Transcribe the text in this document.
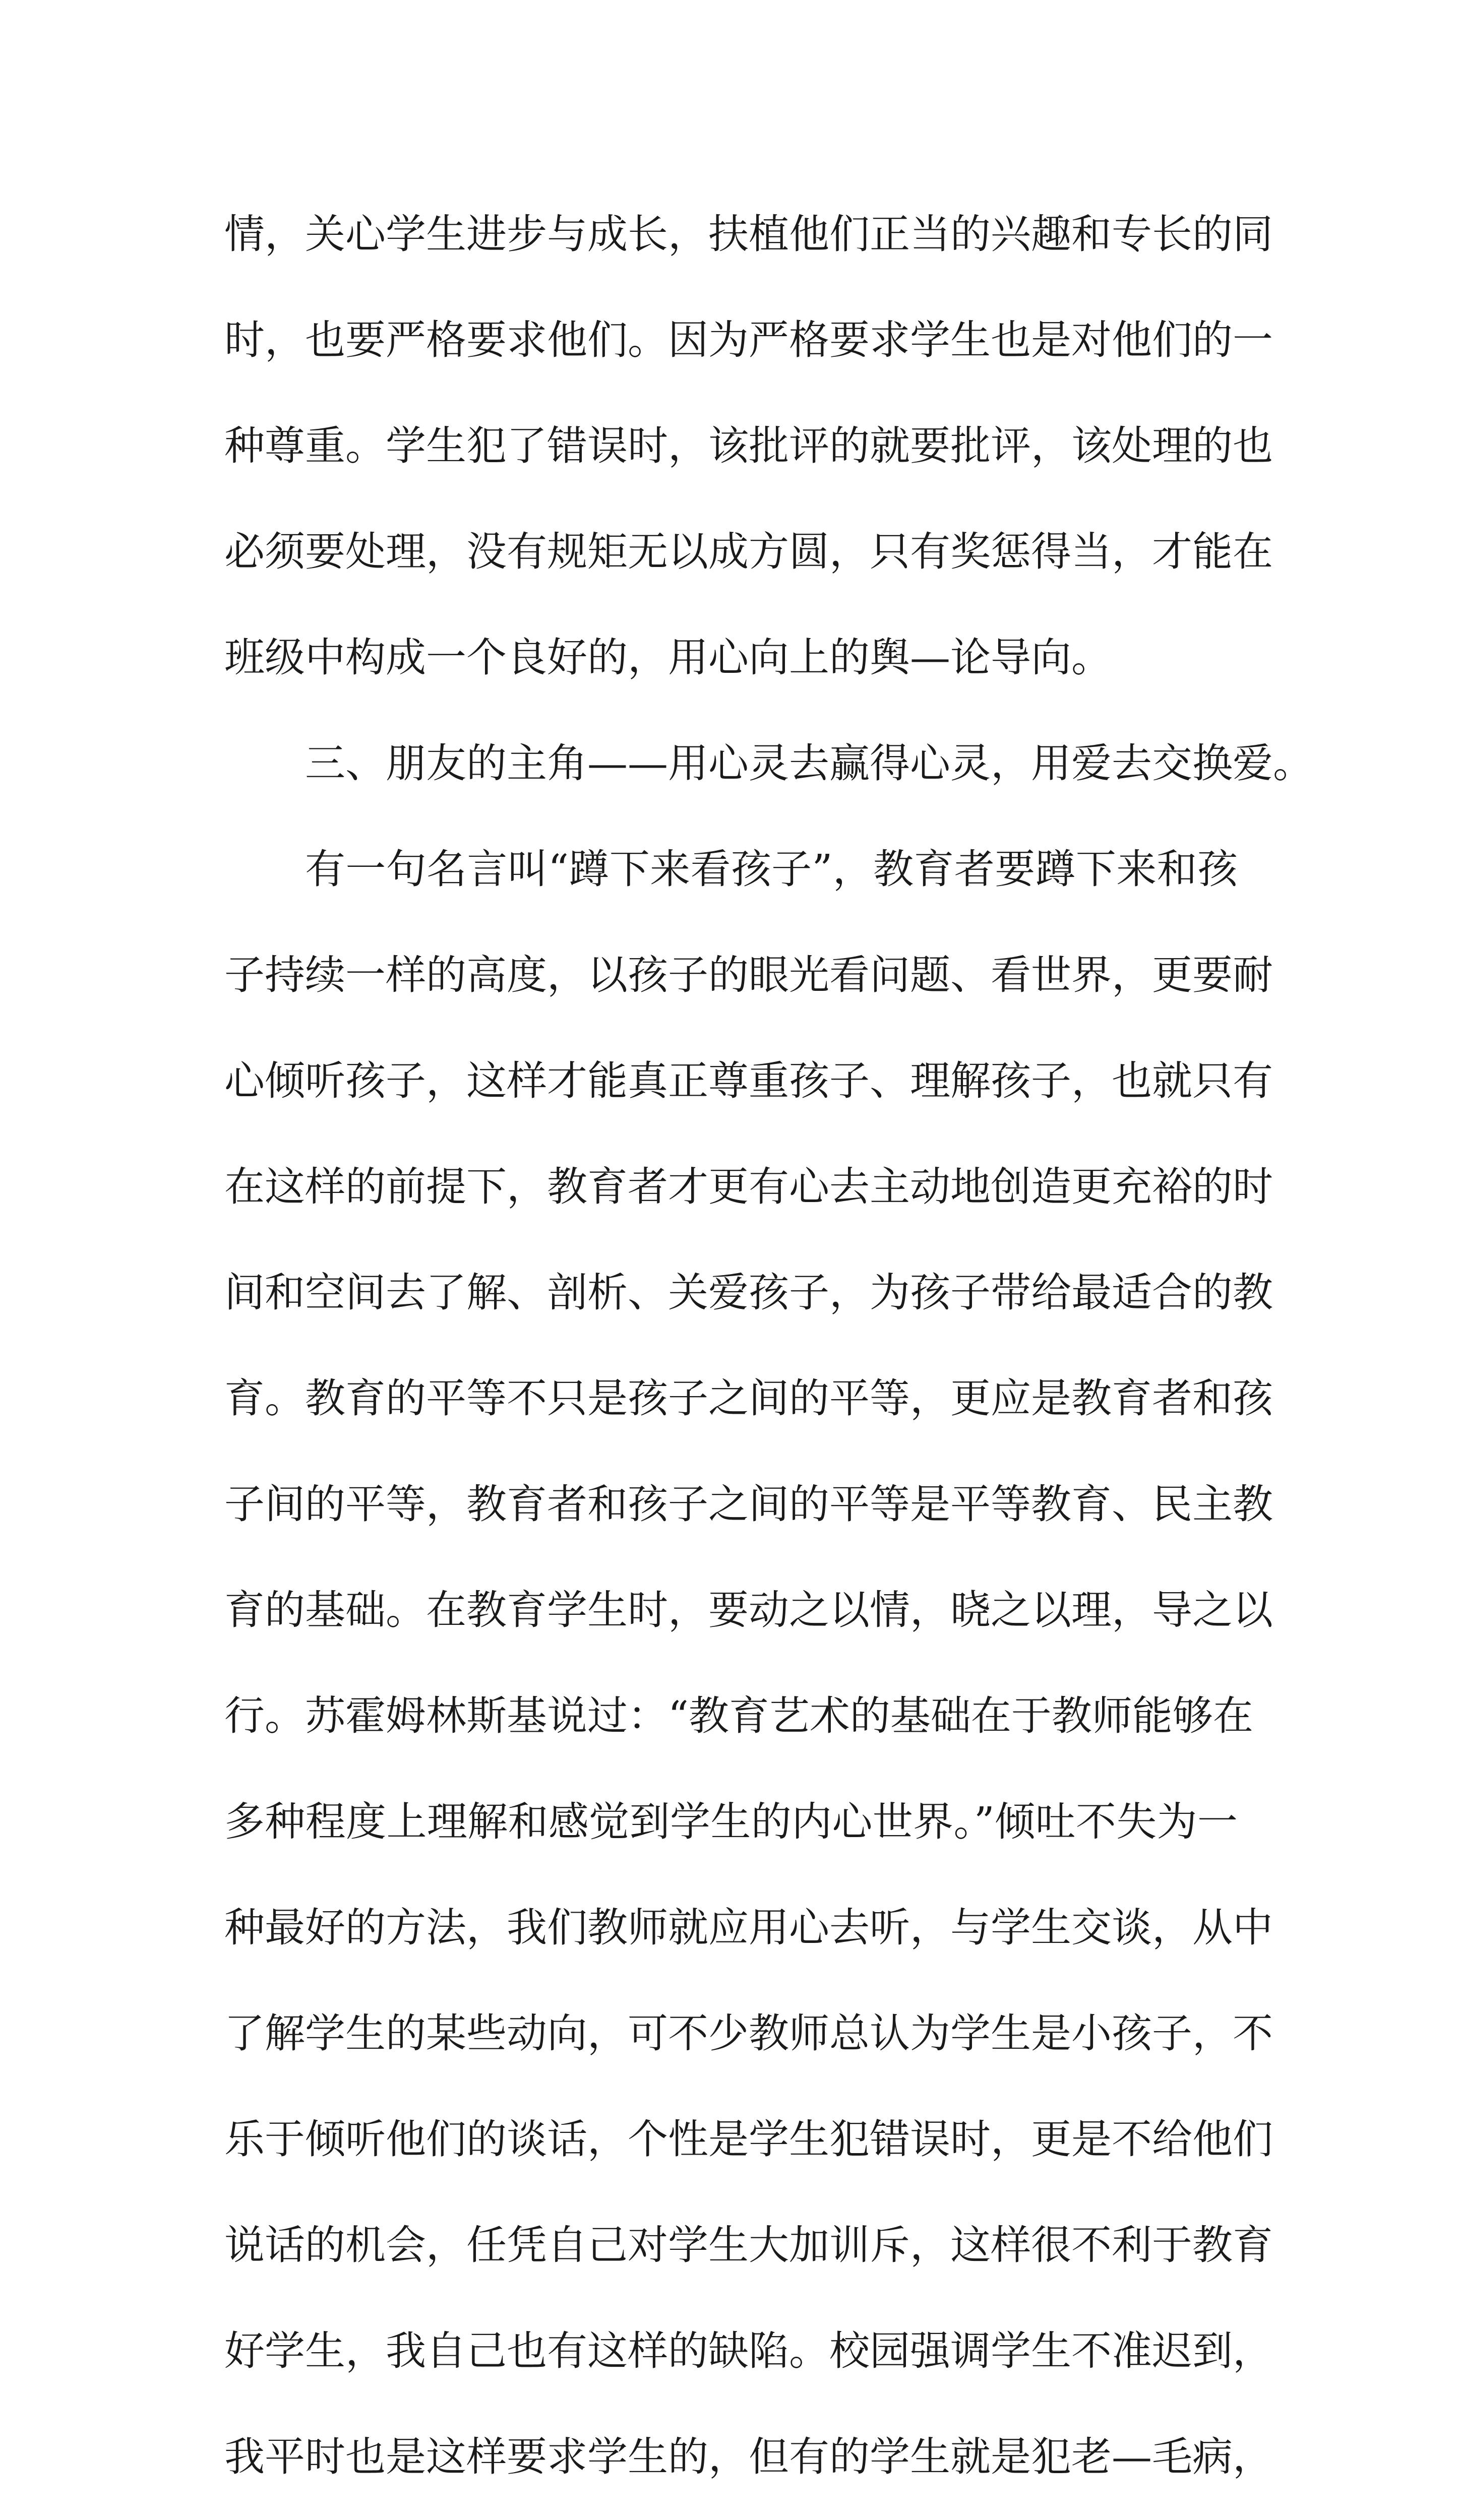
情，关心学生进步与成长，扶植他们正当的兴趣和专长的同
时，也要严格要求他们。因为严格要求学生也是对他们的一
种尊重。学生犯了错误时，该批评的就要批评，该处理的也
必须要处理，没有规矩无以成方圆，只有奖惩得当，才能在
班级中构成一个良好的，用心向上的舆—论导向。
三、朋友的主角——用心灵去赢得心灵，用爱去交换爱。
有一句名言叫“蹲下来看孩子”，教育者要蹲下来和孩
子持续一样的高度，以孩子的眼光看问题、看世界，更要耐
心倾听孩子，这样才能真正尊重孩子、理解孩子，也就只有
在这样的前提下，教育者才更有心去主动地创造更充裕的时
间和空间去了解、剖析、关爱孩子，为孩子带给最适合的教
育。教育的平等不只是孩子之间的平等，更应是教育者和孩
子间的平等，教育者和孩子之间的平等是平等教育、民主教
育的基础。在教育学生时，要动之以情，晓之以理，导之以
行。苏霍姆林斯基说过：“教育艺术的基础在于教师能够在
多种程度上理解和感觉到学生的内心世界。”倾吐不失为一
种最好的方法，我们教师就应用心去听，与学生交谈，从中
了解学生的某些动向，可不少教师总认为学生是小孩子，不
乐于倾听他们的谈话，个性是学生犯错误时，更是不给他们
说话的机会，任凭自己对学生大加训斥，这样很不利于教育
好学生，我自己也有这样的缺陷。校园强调学生不准迟到，
我平时也是这样要求学生的，但有的学生就是犯老—毛病，
